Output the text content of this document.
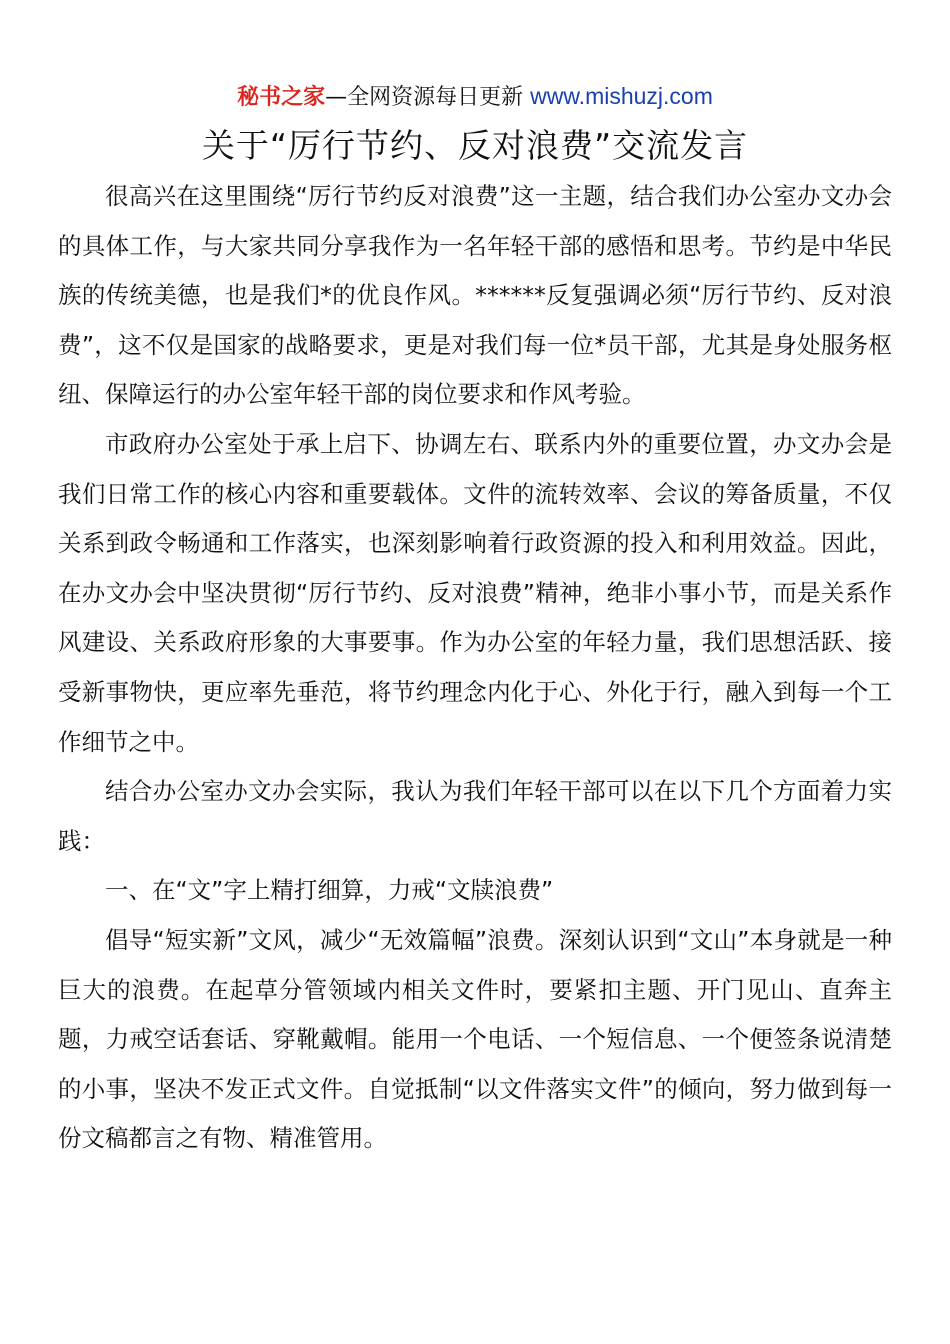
秘书之家—全网资源每日更新 www.mishuzj.com
关于“厉行节约、反对浪费”交流发言

很高兴在这里围绕“厉行节约反对浪费”这一主题，结合我们办公室办文办会的具体工作，与大家共同分享我作为一名年轻干部的感悟和思考。节约是中华民族的传统美德，也是我们*的优良作风。******反复强调必须“厉行节约、反对浪费”，这不仅是国家的战略要求，更是对我们每一位*员干部，尤其是身处服务枢纽、保障运行的办公室年轻干部的岗位要求和作风考验。

市政府办公室处于承上启下、协调左右、联系内外的重要位置，办文办会是我们日常工作的核心内容和重要载体。文件的流转效率、会议的筹备质量，不仅关系到政令畅通和工作落实，也深刻影响着行政资源的投入和利用效益。因此，在办文办会中坚决贯彻“厉行节约、反对浪费”精神，绝非小事小节，而是关系作风建设、关系政府形象的大事要事。作为办公室的年轻力量，我们思想活跃、接受新事物快，更应率先垂范，将节约理念内化于心、外化于行，融入到每一个工作细节之中。

结合办公室办文办会实际，我认为我们年轻干部可以在以下几个方面着力实践：

一、在“文”字上精打细算，力戒“文牍浪费”

倡导“短实新”文风，减少“无效篇幅”浪费。深刻认识到“文山”本身就是一种巨大的浪费。在起草分管领域内相关文件时，要紧扣主题、开门见山、直奔主题，力戒空话套话、穿靴戴帽。能用一个电话、一个短信息、一个便签条说清楚的小事，坚决不发正式文件。自觉抵制“以文件落实文件”的倾向，努力做到每一份文稿都言之有物、精准管用。
